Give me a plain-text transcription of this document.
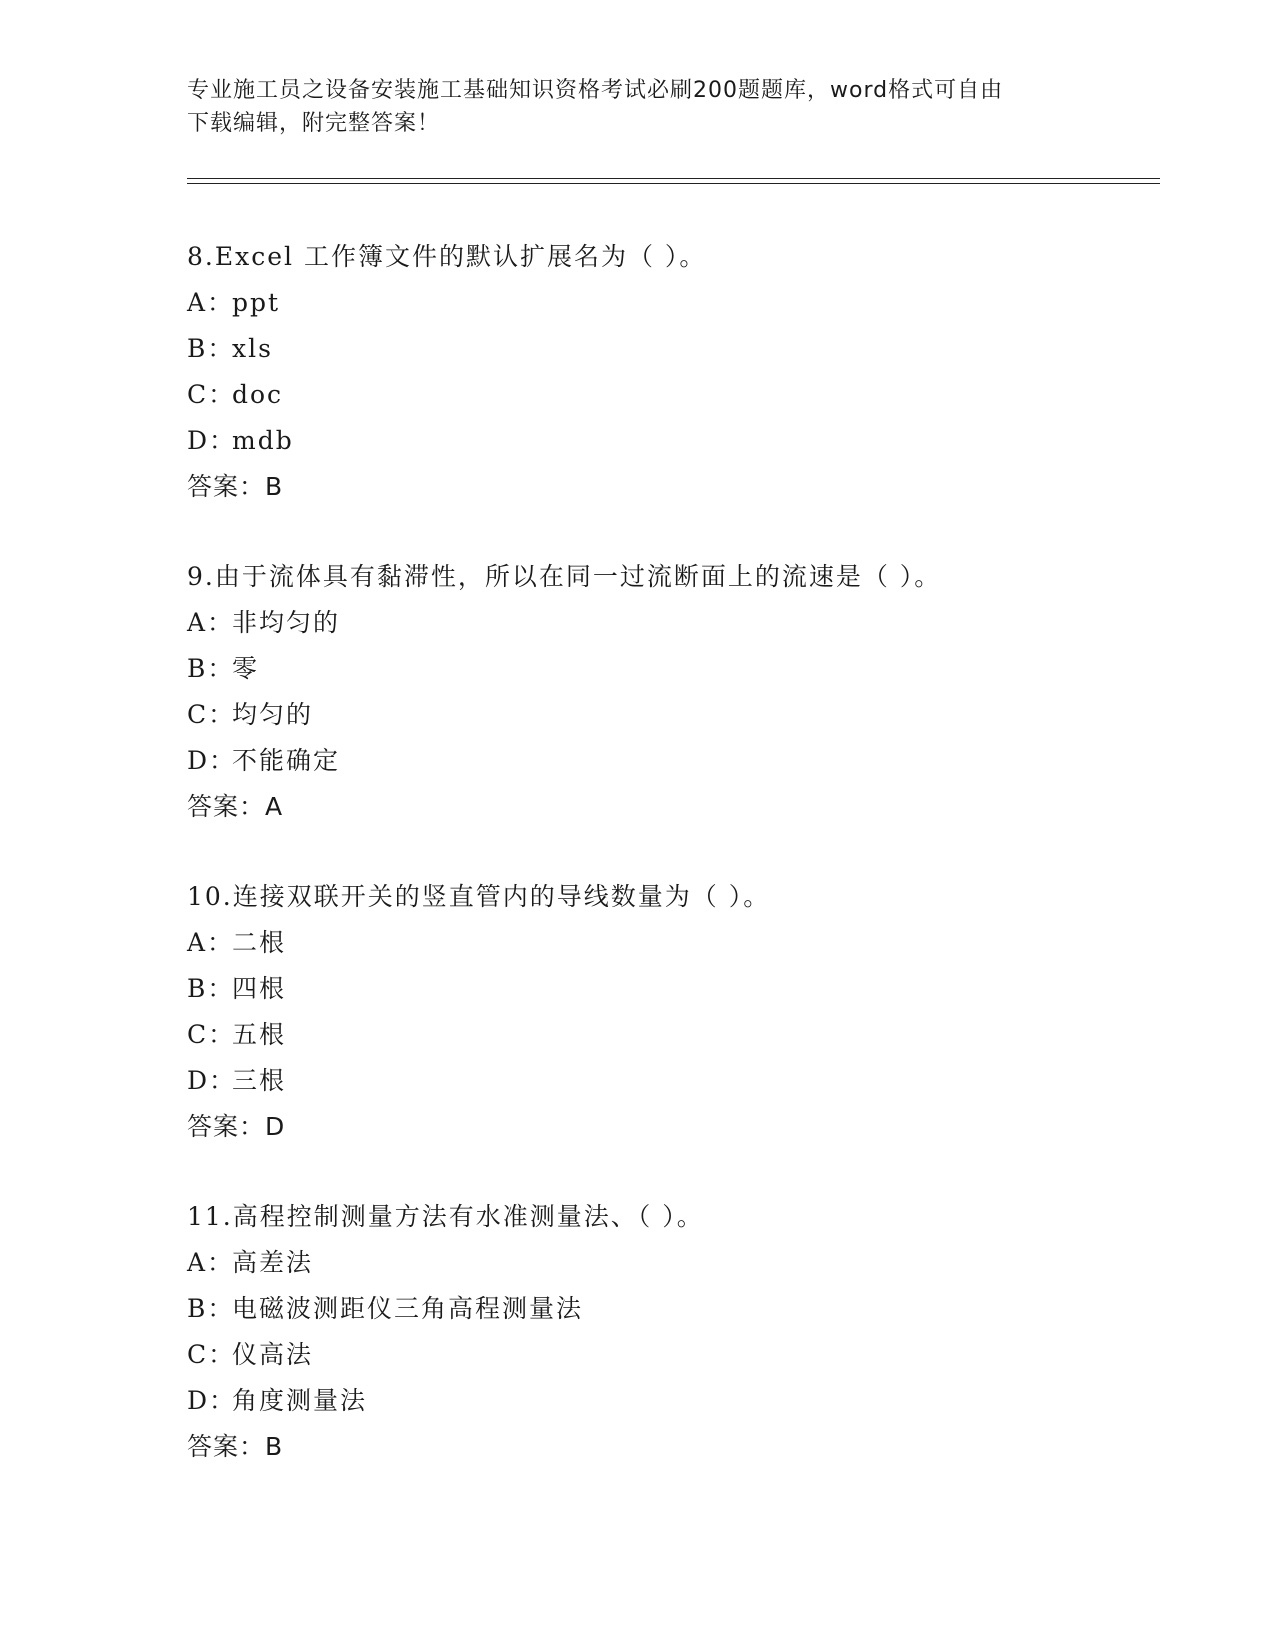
专业施工员之设备安装施工基础知识资格考试必刷200题题库，word格式可自由
下载编辑，附完整答案！
8.Excel 工作簿文件的默认扩展名为（ ）。
A：ppt
B：xls
C：doc
D：mdb
答案：B
9.由于流体具有黏滞性，所以在同一过流断面上的流速是（ ）。
A：非均匀的
B：零
C：均匀的
D：不能确定
答案：A
10.连接双联开关的竖直管内的导线数量为（ ）。
A：二根
B：四根
C：五根
D：三根
答案：D
11.高程控制测量方法有水准测量法、（ ）。
A：高差法
B：电磁波测距仪三角高程测量法
C：仪高法
D：角度测量法
答案：B
